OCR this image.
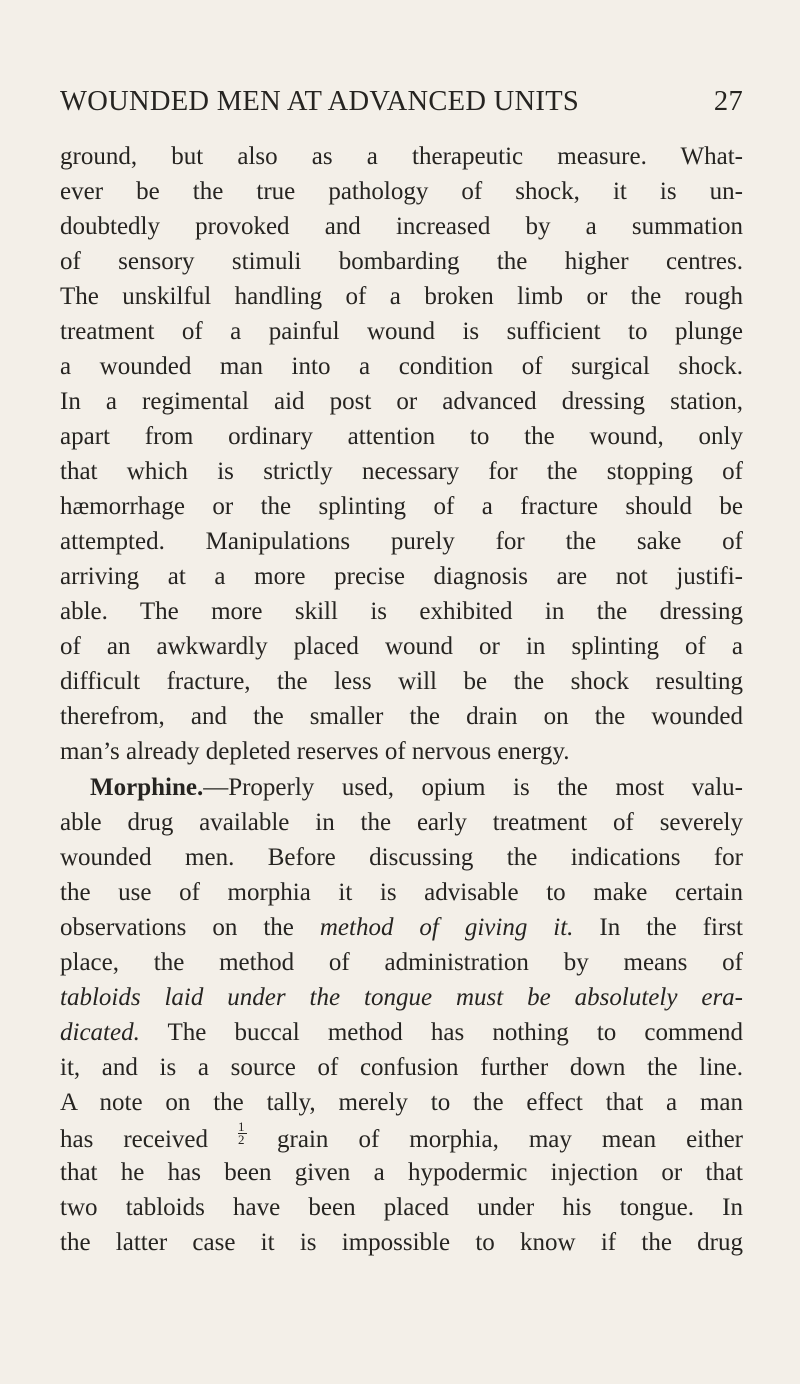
WOUNDED MEN AT ADVANCED UNITS	27
ground, but also as a therapeutic measure. What-
ever be the true pathology of shock, it is un-
doubtedly provoked and increased by a summation
of sensory stimuli bombarding the higher centres.
The unskilful handling of a broken limb or the rough
treatment of a painful wound is sufficient to plunge
a wounded man into a condition of surgical shock.
In a regimental aid post or advanced dressing station,
apart from ordinary attention to the wound, only
that which is strictly necessary for the stopping of
hæmorrhage or the splinting of a fracture should be
attempted. Manipulations purely for the sake of
arriving at a more precise diagnosis are not justifi-
able. The more skill is exhibited in the dressing
of an awkwardly placed wound or in splinting of a
difficult fracture, the less will be the shock resulting
therefrom, and the smaller the drain on the wounded
man’s already depleted reserves of nervous energy.
Morphine.—Properly used, opium is the most valu-
able drug available in the early treatment of severely
wounded men. Before discussing the indications for
the use of morphia it is advisable to make certain
observations on the method of giving it. In the first
place, the method of administration by means of
tabloids laid under the tongue must be absolutely era-
dicated. The buccal method has nothing to commend
it, and is a source of confusion further down the line.
A note on the tally, merely to the effect that a man
has received $\frac{1}{2}$ grain of morphia, may mean either
that he has been given a hypodermic injection or that
two tabloids have been placed under his tongue. In
the latter case it is impossible to know if the drug
